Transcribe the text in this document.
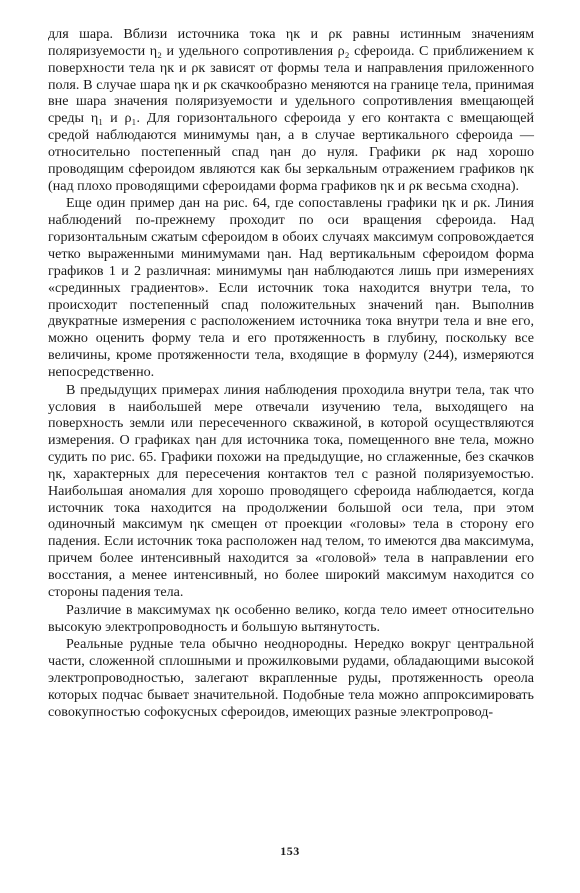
для шара. Вблизи источника тока ηк и ρк равны истинным значениям поляризуемости η₂ и удельного сопротивления ρ₂ сфероида. С приближением к поверхности тела ηк и ρк зависят от формы тела и направления приложенного поля. В случае шара ηк и ρк скачкообразно меняются на границе тела, принимая вне шара значения поляризуемости и удельного сопротивления вмещающей среды η₁ и ρ₁. Для горизонтального сфероида у его контакта с вмещающей средой наблюдаются минимумы ηан, а в случае вертикального сфероида — относительно постепенный спад ηан до нуля. Графики ρк над хорошо проводящим сфероидом являются как бы зеркальным отражением графиков ηк (над плохо проводящими сфероидами форма графиков ηк и ρк весьма сходна).

Еще один пример дан на рис. 64, где сопоставлены графики ηк и ρк. Линия наблюдений по-прежнему проходит по оси вращения сфероида. Над горизонтальным сжатым сфероидом в обоих случаях максимум сопровождается четко выраженными минимумами ηан. Над вертикальным сфероидом форма графиков 1 и 2 различная: минимумы ηан наблюдаются лишь при измерениях «срединных градиентов». Если источник тока находится внутри тела, то происходит постепенный спад положительных значений ηан. Выполнив двукратные измерения с расположением источника тока внутри тела и вне его, можно оценить форму тела и его протяженность в глубину, поскольку все величины, кроме протяженности тела, входящие в формулу (244), измеряются непосредственно.

В предыдущих примерах линия наблюдения проходила внутри тела, так что условия в наибольшей мере отвечали изучению тела, выходящего на поверхность земли или пересеченного скважиной, в которой осуществляются измерения. О графиках ηан для источника тока, помещенного вне тела, можно судить по рис. 65. Графики похожи на предыдущие, но сглаженные, без скачков ηк, характерных для пересечения контактов тел с разной поляризуемостью. Наибольшая аномалия для хорошо проводящего сфероида наблюдается, когда источник тока находится на продолжении большой оси тела, при этом одиночный максимум ηк смещен от проекции «головы» тела в сторону его падения. Если источник тока расположен над телом, то имеются два максимума, причем более интенсивный находится за «головой» тела в направлении его восстания, а менее интенсивный, но более широкий максимум находится со стороны падения тела.

Различие в максимумах ηк особенно велико, когда тело имеет относительно высокую электропроводность и большую вытянутость.

Реальные рудные тела обычно неоднородны. Нередко вокруг центральной части, сложенной сплошными и прожилковыми рудами, обладающими высокой электропроводностью, залегают вкрапленные руды, протяженность ореола которых подчас бывает значительной. Подобные тела можно аппроксимировать совокупностью софокусных сфероидов, имеющих разные электропровод-

153
